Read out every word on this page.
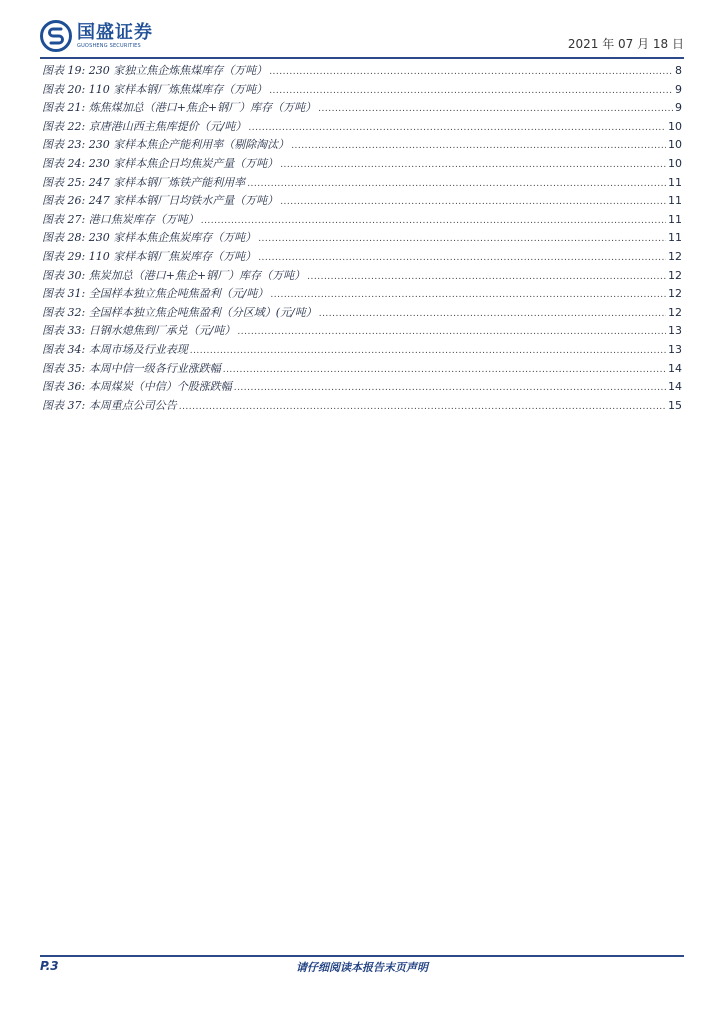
国盛证券
GUOSHENG SECURITIES	2021 年 07 月 18 日
图表 19: 230 家独立焦企炼焦煤库存（万吨） .....	8
图表 20: 110 家样本钢厂炼焦煤库存（万吨） .....	9
图表 21: 炼焦煤加总（港口+焦企+钢厂）库存（万吨） .....	9
图表 22: 京唐港山西主焦库提价（元/吨） .....	10
图表 23: 230 家样本焦企产能利用率（剔除淘汰） .....	10
图表 24: 230 家样本焦企日均焦炭产量（万吨） .....	10
图表 25: 247 家样本钢厂炼铁产能利用率 .....	11
图表 26: 247 家样本钢厂日均铁水产量（万吨） .....	11
图表 27: 港口焦炭库存（万吨） .....	11
图表 28: 230 家样本焦企焦炭库存（万吨） .....	11
图表 29: 110 家样本钢厂焦炭库存（万吨） .....	12
图表 30: 焦炭加总（港口+焦企+钢厂）库存（万吨） .....	12
图表 31: 全国样本独立焦企吨焦盈利（元/吨） .....	12
图表 32: 全国样本独立焦企吨焦盈利（分区域）(元/吨） .....	12
图表 33: 日钢水熄焦到厂承兑（元/吨） .....	13
图表 34: 本周市场及行业表现 .....	13
图表 35: 本周中信一级各行业涨跌幅 .....	14
图表 36: 本周煤炭（中信）个股涨跌幅 .....	14
图表 37: 本周重点公司公告 .....	15
P.3	请仔细阅读本报告末页声明
